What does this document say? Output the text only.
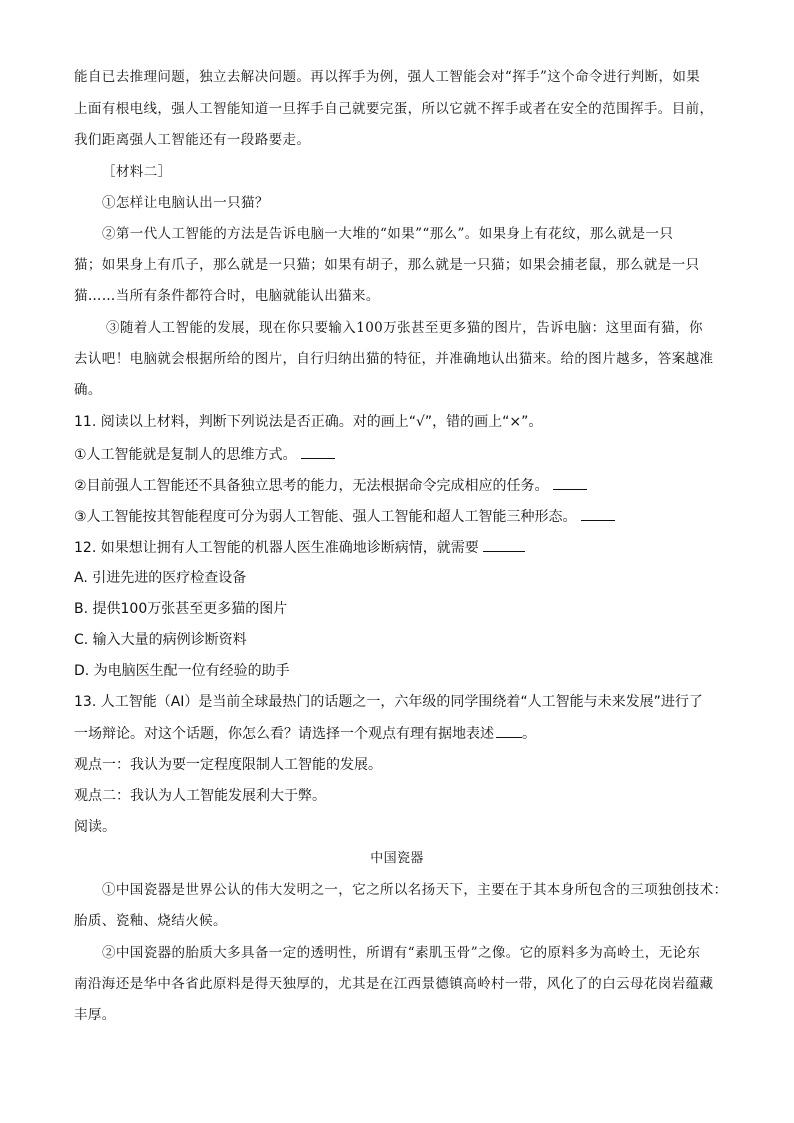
能自已去推理问题，独立去解决问题。再以挥手为例，强人工智能会对“挥手”这个命令进行判断，如果
上面有根电线，强人工智能知道一旦挥手自己就要完蛋，所以它就不挥手或者在安全的范围挥手。目前，
我们距离强人工智能还有一段路要走。
［材料二］
①怎样让电脑认出一只猫？
②第一代人工智能的方法是告诉电脑一大堆的“如果”“那么”。如果身上有花纹，那么就是一只
猫；如果身上有爪子，那么就是一只猫；如果有胡子，那么就是一只猫；如果会捕老鼠，那么就是一只
猫……当所有条件都符合时，电脑就能认出猫来。
③随着人工智能的发展，现在你只要输入100万张甚至更多猫的图片，告诉电脑：这里面有猫，你
去认吧！电脑就会根据所给的图片，自行归纳出猫的特征，并准确地认出猫来。给的图片越多，答案越准
确。
11. 阅读以上材料，判断下列说法是否正确。对的画上“√”，错的画上“×”。
①人工智能就是复制人的思维方式。
②目前强人工智能还不具备独立思考的能力，无法根据命令完成相应的任务。
③人工智能按其智能程度可分为弱人工智能、强人工智能和超人工智能三种形态。
12. 如果想让拥有人工智能的机器人医生准确地诊断病情，就需要
A. 引进先进的医疗检查设备
B. 提供100万张甚至更多猫的图片
C. 输入大量的病例诊断资料
D. 为电脑医生配一位有经验的助手
13. 人工智能（AI）是当前全球最热门的话题之一，六年级的同学围绕着“人工智能与未来发展”进行了
一场辩论。对这个话题，你怎么看？请选择一个观点有理有据地表述 。
观点一：我认为要一定程度限制人工智能的发展。
观点二：我认为人工智能发展利大于弊。
阅读。
中国瓷器
①中国瓷器是世界公认的伟大发明之一，它之所以名扬天下，主要在于其本身所包含的三项独创技术：
胎质、瓷釉、烧结火候。
②中国瓷器的胎质大多具备一定的透明性，所谓有“素肌玉骨”之像。它的原料多为高岭土，无论东
南沿海还是华中各省此原料是得天独厚的，尤其是在江西景德镇高岭村一带，风化了的白云母花岗岩蕴藏
丰厚。
